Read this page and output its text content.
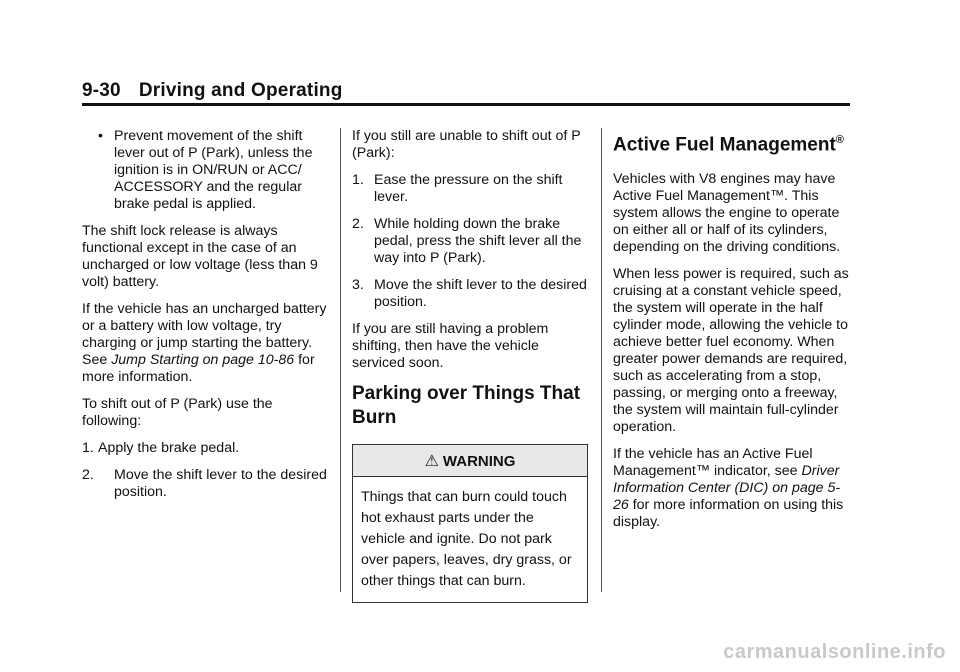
9-30 Driving and Operating
• Prevent movement of the shift lever out of P (Park), unless the ignition is in ON/RUN or ACC/ ACCESSORY and the regular brake pedal is applied.

The shift lock release is always functional except in the case of an uncharged or low voltage (less than 9 volt) battery.

If the vehicle has an uncharged battery or a battery with low voltage, try charging or jump starting the battery. See Jump Starting on page 10-86 for more information.

To shift out of P (Park) use the following:

1. Apply the brake pedal.
2. Move the shift lever to the desired position.

If you still are unable to shift out of P (Park):

1. Ease the pressure on the shift lever.
2. While holding down the brake pedal, press the shift lever all the way into P (Park).
3. Move the shift lever to the desired position.

If you are still having a problem shifting, then have the vehicle serviced soon.

Parking over Things That Burn
⚠ WARNING
Things that can burn could touch hot exhaust parts under the vehicle and ignite. Do not park over papers, leaves, dry grass, or other things that can burn.
Active Fuel Management®

Vehicles with V8 engines may have Active Fuel Management™. This system allows the engine to operate on either all or half of its cylinders, depending on the driving conditions.

When less power is required, such as cruising at a constant vehicle speed, the system will operate in the half cylinder mode, allowing the vehicle to achieve better fuel economy. When greater power demands are required, such as accelerating from a stop, passing, or merging onto a freeway, the system will maintain full-cylinder operation.

If the vehicle has an Active Fuel Management™ indicator, see Driver Information Center (DIC) on page 5-26 for more information on using this display.

carmanualsonline.info
